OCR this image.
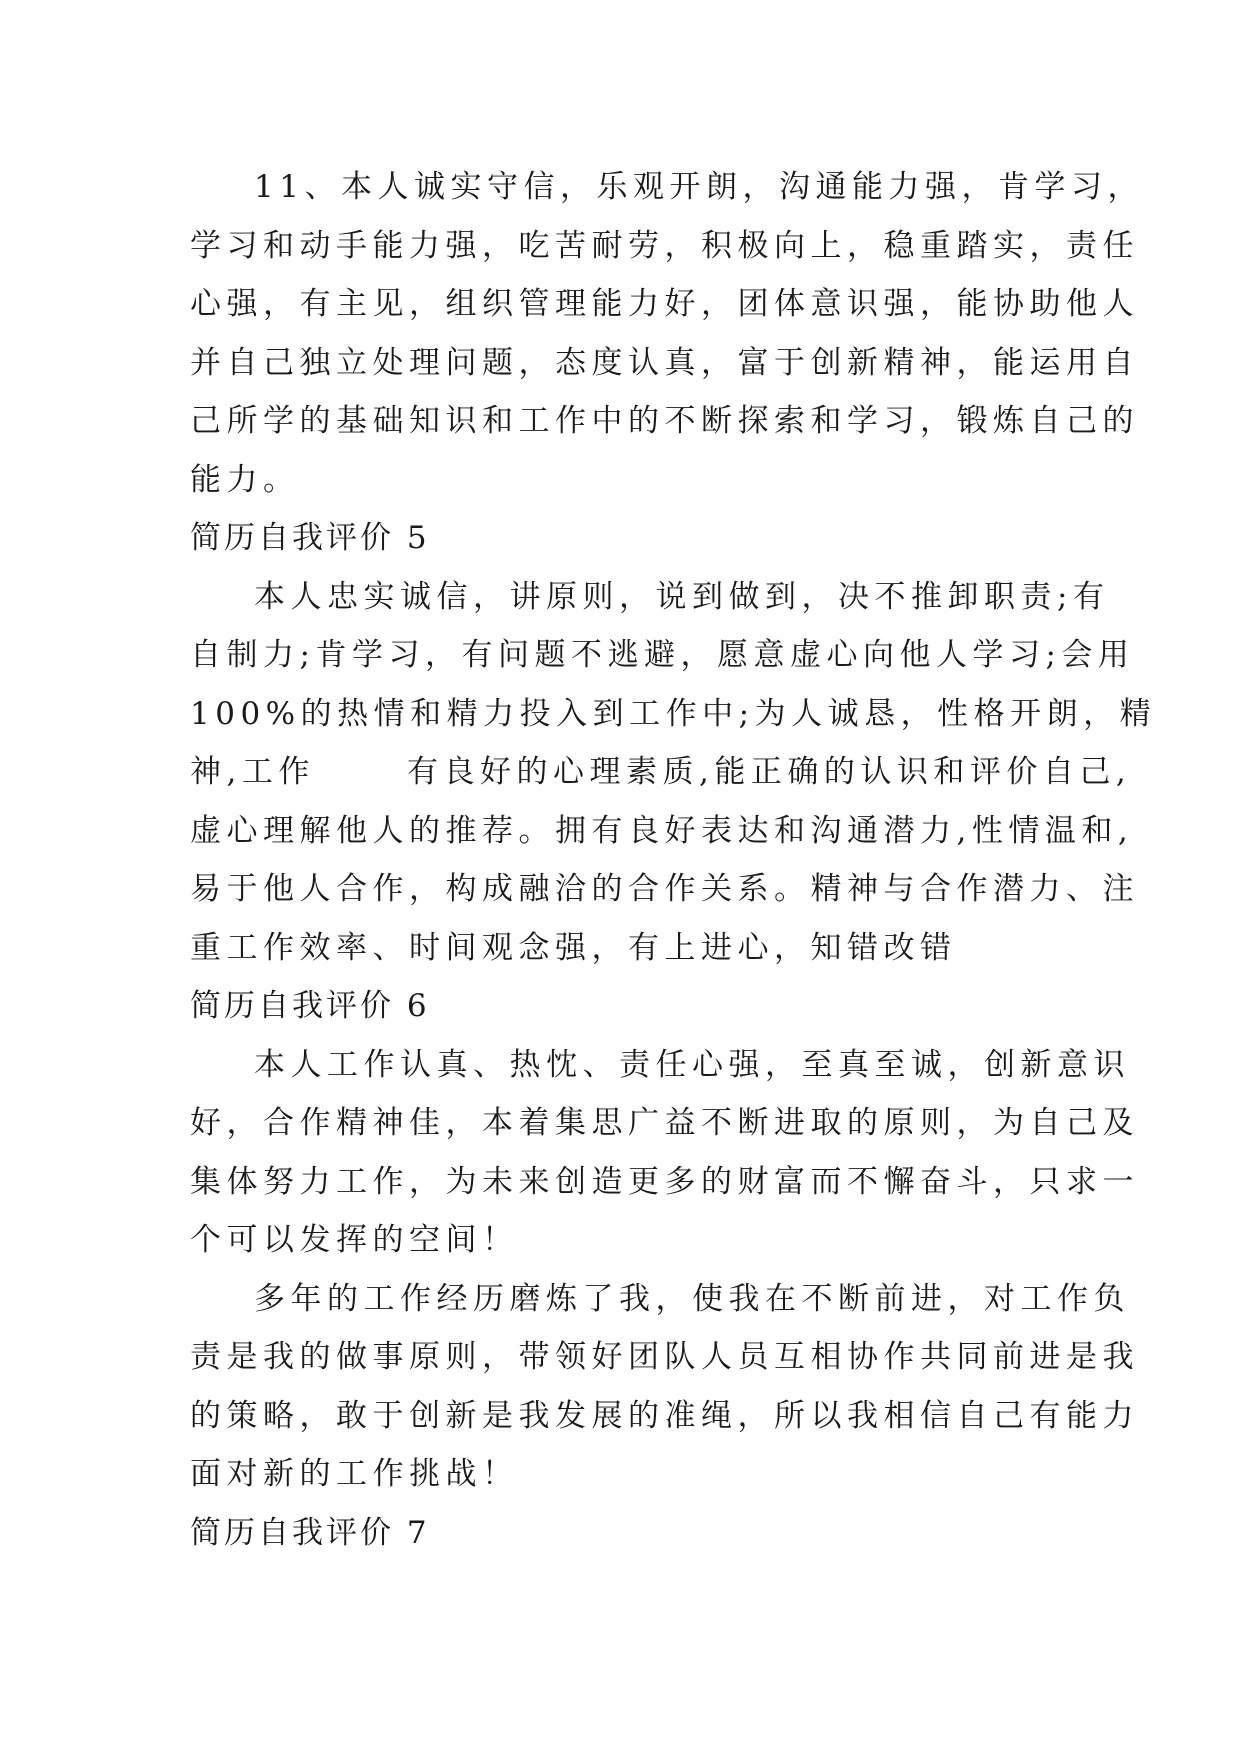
11、本人诚实守信，乐观开朗，沟通能力强，肯学习，
学习和动手能力强，吃苦耐劳，积极向上，稳重踏实，责任
心强，有主见，组织管理能力好，团体意识强，能协助他人
并自己独立处理问题，态度认真，富于创新精神，能运用自
己所学的基础知识和工作中的不断探索和学习，锻炼自己的
能力。
简历自我评价 5
本人忠实诚信，讲原则，说到做到，决不推卸职责;有
自制力;肯学习，有问题不逃避，愿意虚心向他人学习;会用
100%的热情和精力投入到工作中;为人诚恳，性格开朗，精
神,工作      有良好的心理素质,能正确的认识和评价自己,
虚心理解他人的推荐。拥有良好表达和沟通潜力,性情温和,
易于他人合作，构成融洽的合作关系。精神与合作潜力、注
重工作效率、时间观念强，有上进心，知错改错
简历自我评价 6
本人工作认真、热忱、责任心强，至真至诚，创新意识
好，合作精神佳，本着集思广益不断进取的原则，为自己及
集体努力工作，为未来创造更多的财富而不懈奋斗，只求一
个可以发挥的空间！
多年的工作经历磨炼了我，使我在不断前进，对工作负
责是我的做事原则，带领好团队人员互相协作共同前进是我
的策略，敢于创新是我发展的准绳，所以我相信自己有能力
面对新的工作挑战！
简历自我评价 7
